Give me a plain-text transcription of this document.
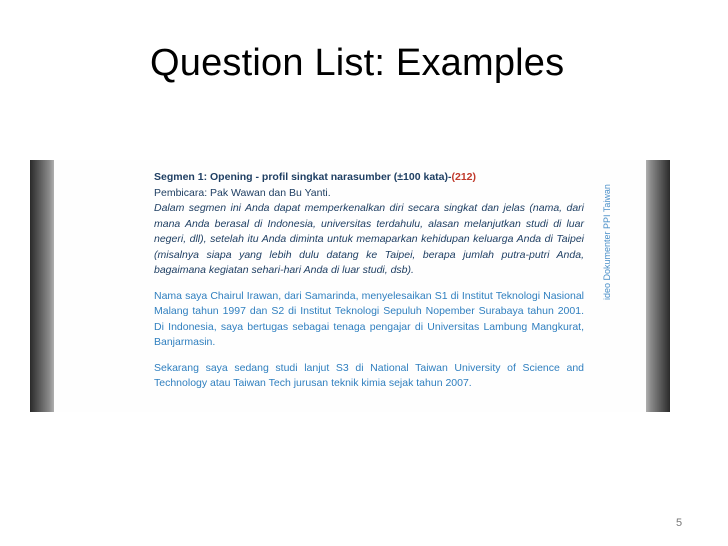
Question List: Examples
Segmen 1: Opening - profil singkat narasumber (±100 kata)-(212)
Pembicara: Pak Wawan dan Bu Yanti.
Dalam segmen ini Anda dapat memperkenalkan diri secara singkat dan jelas (nama, dari mana Anda berasal di Indonesia, universitas terdahulu, alasan melanjutkan studi di luar negeri, dll), setelah itu Anda diminta untuk memaparkan kehidupan keluarga Anda di Taipei (misalnya siapa yang lebih dulu datang ke Taipei, berapa jumlah putra-putri Anda, bagaimana kegiatan sehari-hari Anda di luar studi, dsb).
Nama saya Chairul Irawan, dari Samarinda, menyelesaikan S1 di Institut Teknologi Nasional Malang tahun 1997 dan S2 di Institut Teknologi Sepuluh Nopember Surabaya tahun 2001. Di Indonesia, saya bertugas sebagai tenaga pengajar di Universitas Lambung Mangkurat, Banjarmasin.
Sekarang saya sedang studi lanjut S3 di National Taiwan University of Science and Technology atau Taiwan Tech jurusan teknik kimia sejak tahun 2007.
ideo Dokumenter PPI Taiwan
5
